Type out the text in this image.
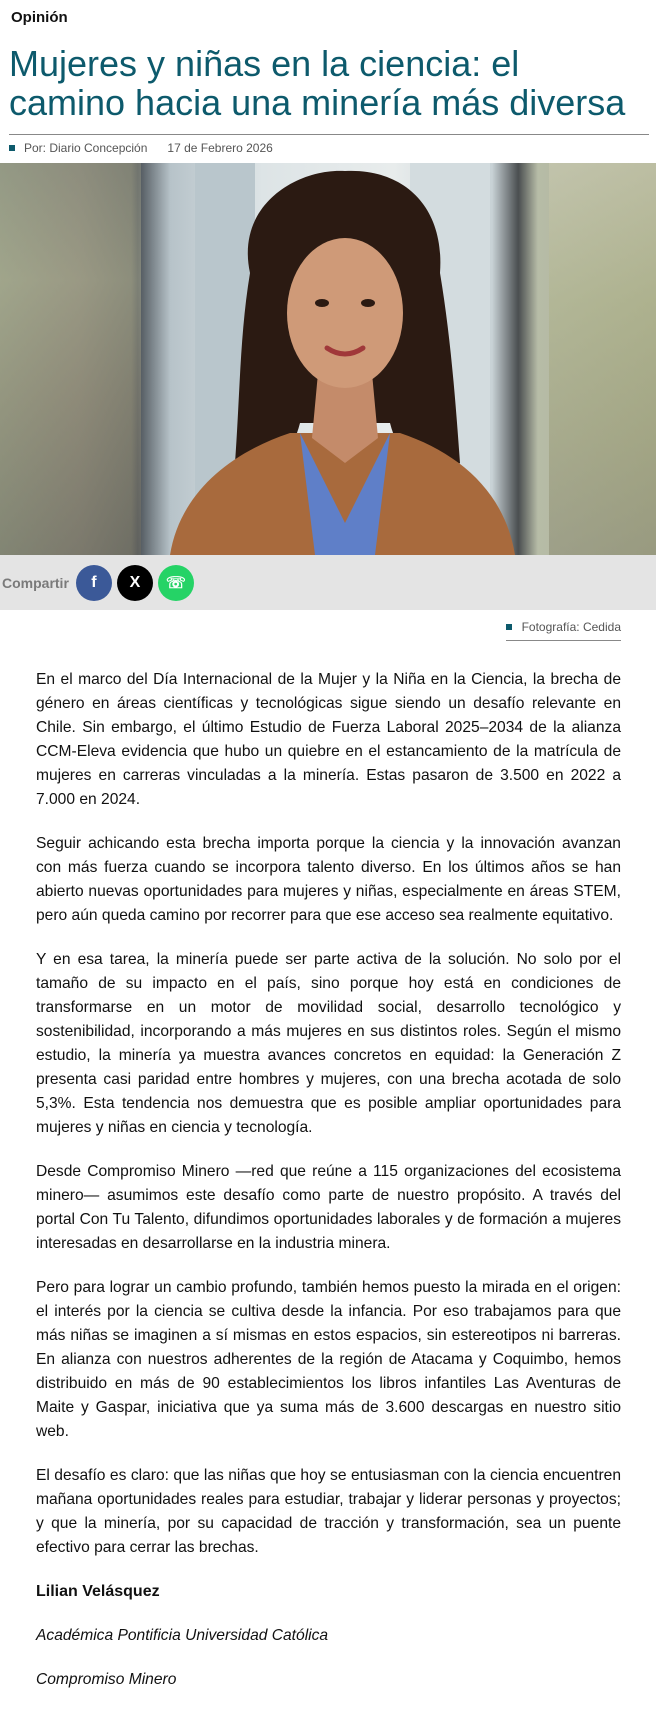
Opinión
Mujeres y niñas en la ciencia: el camino hacia una minería más diversa
Por: Diario Concepción 17 de Febrero 2026
Compartir f X ☏
Fotografía: Cedida

En el marco del Día Internacional de la Mujer y la Niña en la Ciencia, la brecha de género en áreas científicas y tecnológicas sigue siendo un desafío relevante en Chile. Sin embargo, el último Estudio de Fuerza Laboral 2025–2034 de la alianza CCM-Eleva evidencia que hubo un quiebre en el estancamiento de la matrícula de mujeres en carreras vinculadas a la minería. Estas pasaron de 3.500 en 2022 a 7.000 en 2024.

Seguir achicando esta brecha importa porque la ciencia y la innovación avanzan con más fuerza cuando se incorpora talento diverso. En los últimos años se han abierto nuevas oportunidades para mujeres y niñas, especialmente en áreas STEM, pero aún queda camino por recorrer para que ese acceso sea realmente equitativo.

Y en esa tarea, la minería puede ser parte activa de la solución. No solo por el tamaño de su impacto en el país, sino porque hoy está en condiciones de transformarse en un motor de movilidad social, desarrollo tecnológico y sostenibilidad, incorporando a más mujeres en sus distintos roles. Según el mismo estudio, la minería ya muestra avances concretos en equidad: la Generación Z presenta casi paridad entre hombres y mujeres, con una brecha acotada de solo 5,3%. Esta tendencia nos demuestra que es posible ampliar oportunidades para mujeres y niñas en ciencia y tecnología.

Desde Compromiso Minero —red que reúne a 115 organizaciones del ecosistema minero— asumimos este desafío como parte de nuestro propósito. A través del portal Con Tu Talento, difundimos oportunidades laborales y de formación a mujeres interesadas en desarrollarse en la industria minera.

Pero para lograr un cambio profundo, también hemos puesto la mirada en el origen: el interés por la ciencia se cultiva desde la infancia. Por eso trabajamos para que más niñas se imaginen a sí mismas en estos espacios, sin estereotipos ni barreras. En alianza con nuestros adherentes de la región de Atacama y Coquimbo, hemos distribuido en más de 90 establecimientos los libros infantiles Las Aventuras de Maite y Gaspar, iniciativa que ya suma más de 3.600 descargas en nuestro sitio web.

El desafío es claro: que las niñas que hoy se entusiasman con la ciencia encuentren mañana oportunidades reales para estudiar, trabajar y liderar personas y proyectos; y que la minería, por su capacidad de tracción y transformación, sea un puente efectivo para cerrar las brechas.

Lilian Velásquez

Académica Pontificia Universidad Católica

Compromiso Minero
